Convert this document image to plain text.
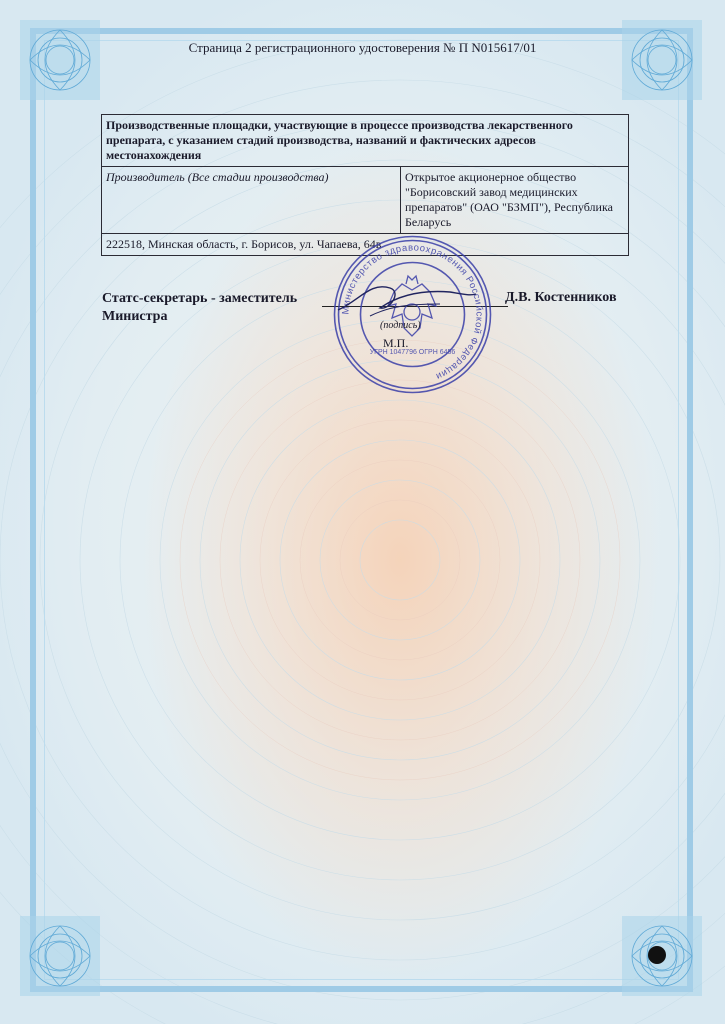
Страница 2 регистрационного удостоверения № П N015617/01
Производственные площадки, участвующие в процессе производства лекарственного препарата, с указанием стадий производства, названий и фактических адресов местонахождения
Производитель (Все стадии производства)	Открытое акционерное общество "Борисовский завод медицинских препаратов" (ОАО "БЗМП"), Республика Беларусь
222518, Минская область, г. Борисов, ул. Чапаева, 64в
Статс-секретарь - заместитель Министра
Д.В. Костенников
Министерство здравоохранения Российской Федерации
УГРН 1047796 ОГРН 6456
(подпись)
М.П.
